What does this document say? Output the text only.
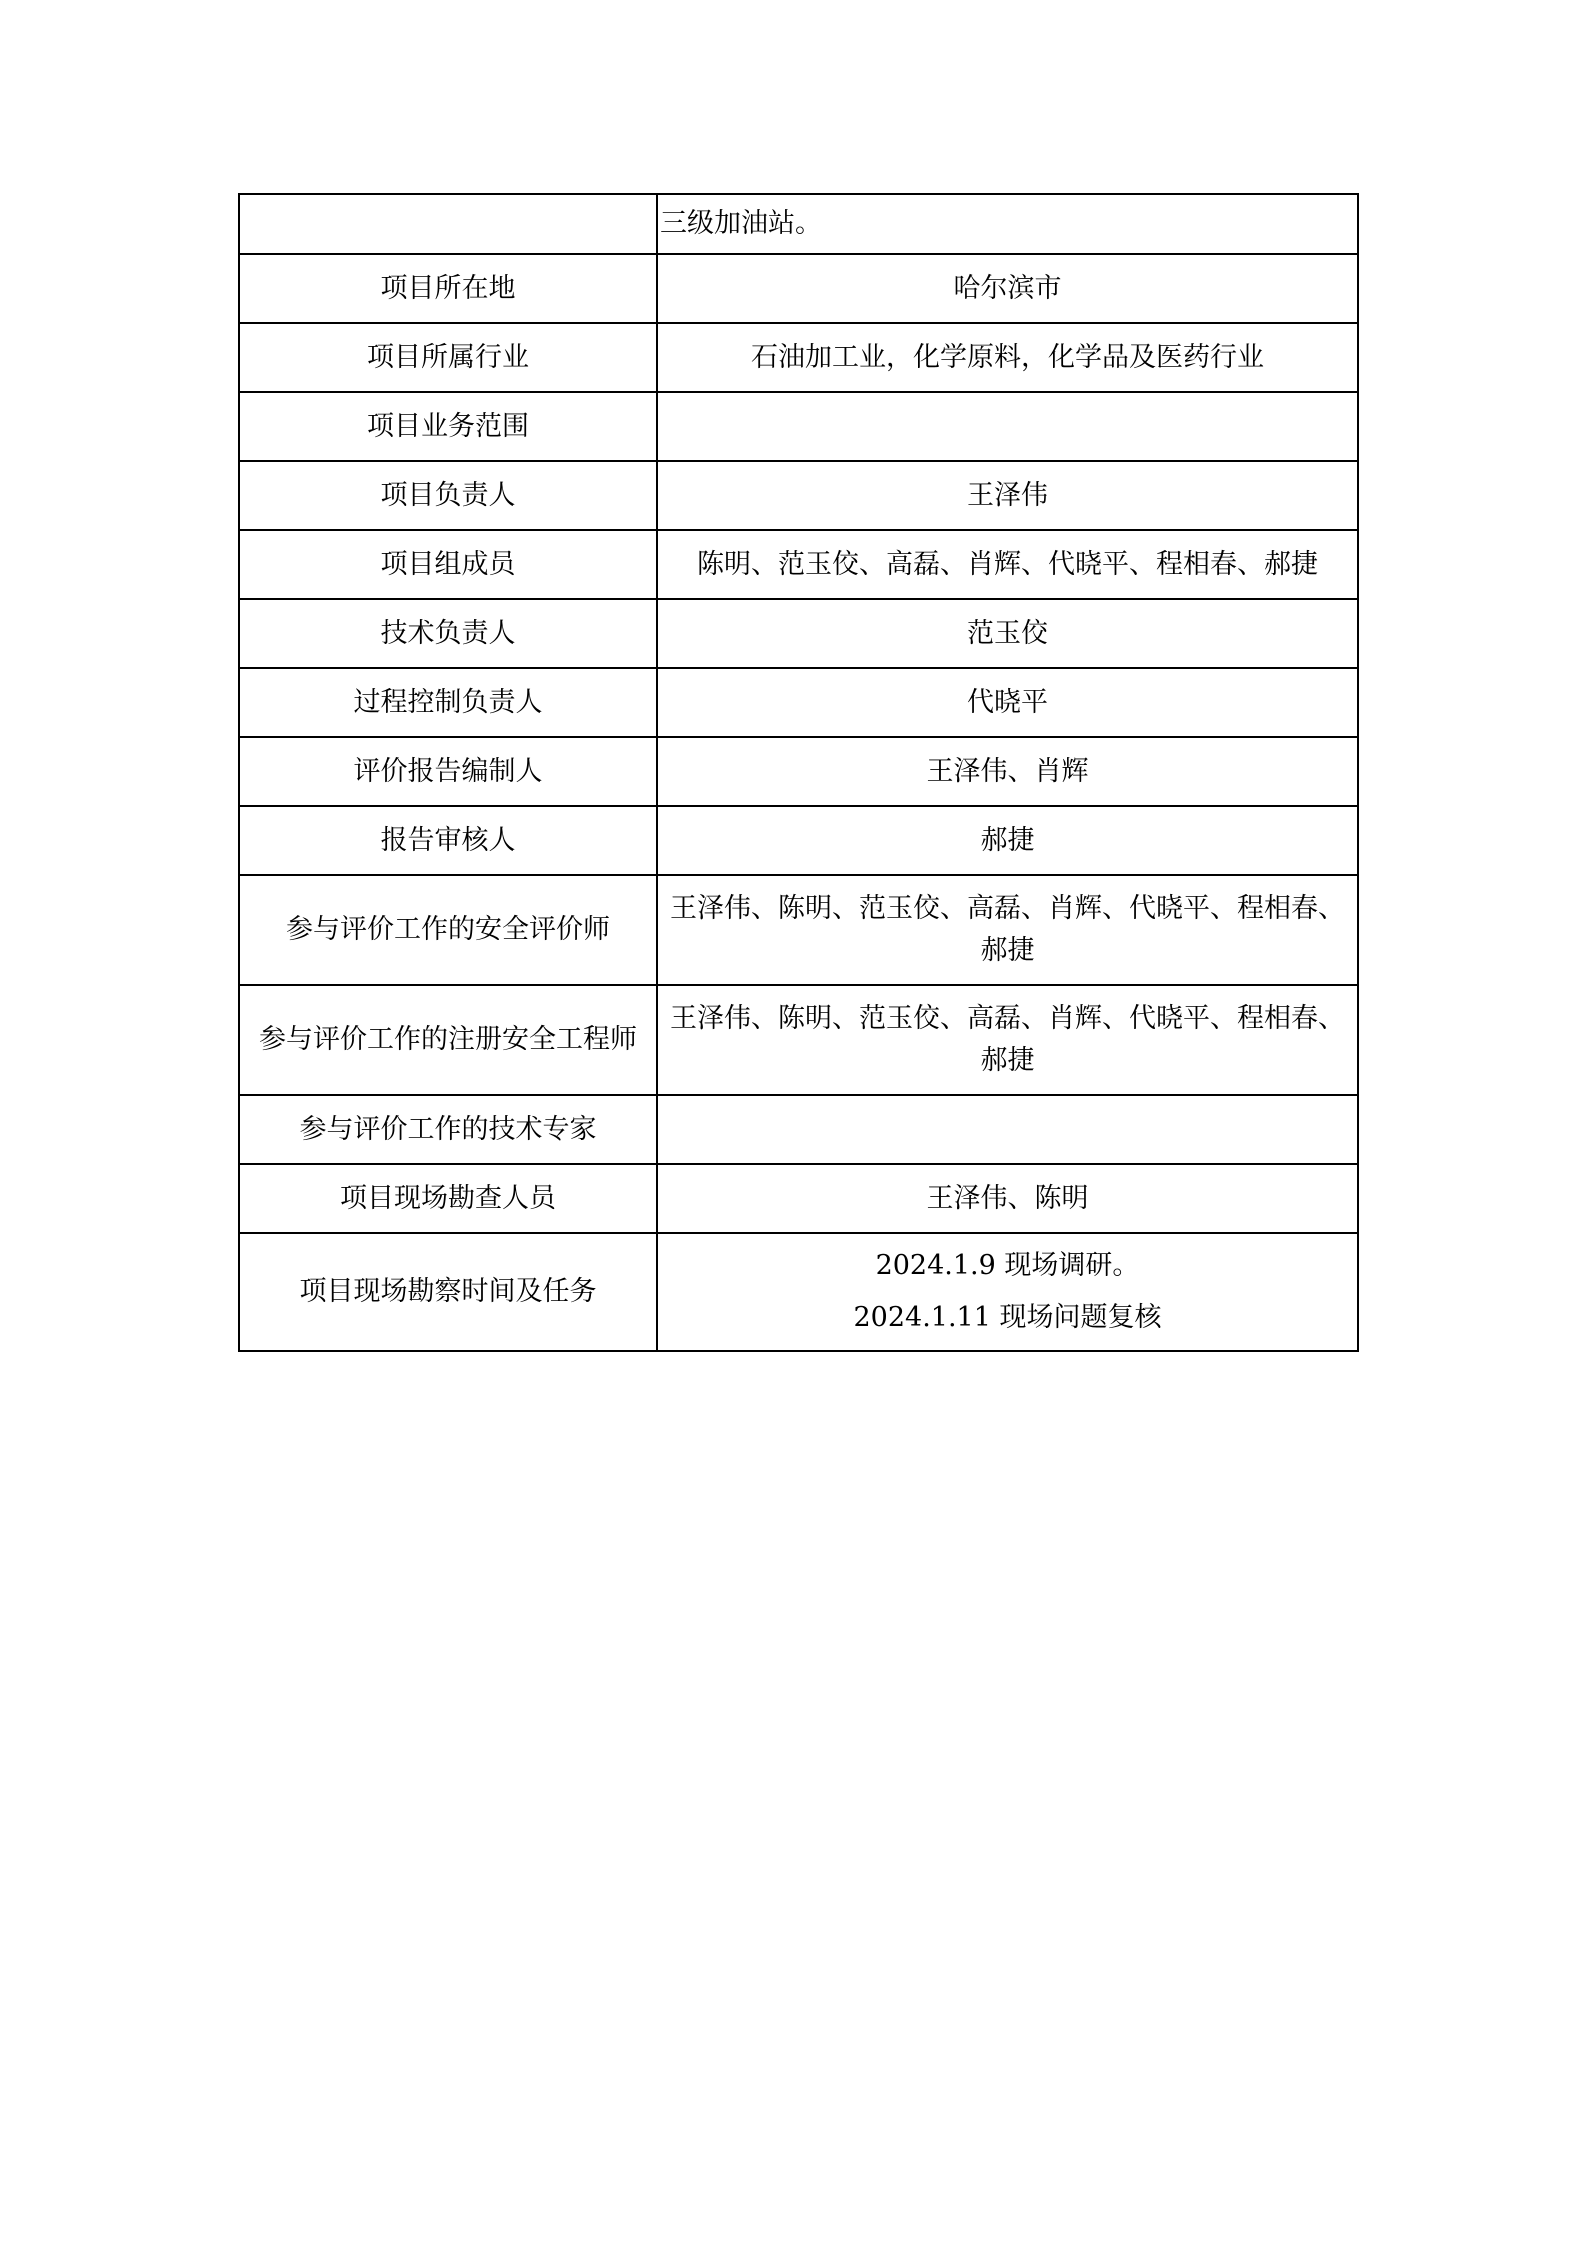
	三级加油站。
项目所在地	哈尔滨市
项目所属行业	石油加工业，化学原料，化学品及医药行业
项目业务范围	
项目负责人	王泽伟
项目组成员	陈明、范玉佼、高磊、肖辉、代晓平、程相春、郝捷
技术负责人	范玉佼
过程控制负责人	代晓平
评价报告编制人	王泽伟、肖辉
报告审核人	郝捷
参与评价工作的安全评价师	王泽伟、陈明、范玉佼、高磊、肖辉、代晓平、程相春、郝捷
参与评价工作的注册安全工程师	王泽伟、陈明、范玉佼、高磊、肖辉、代晓平、程相春、郝捷
参与评价工作的技术专家	
项目现场勘查人员	王泽伟、陈明
项目现场勘察时间及任务	2024.1.9 现场调研。
2024.1.11 现场问题复核
